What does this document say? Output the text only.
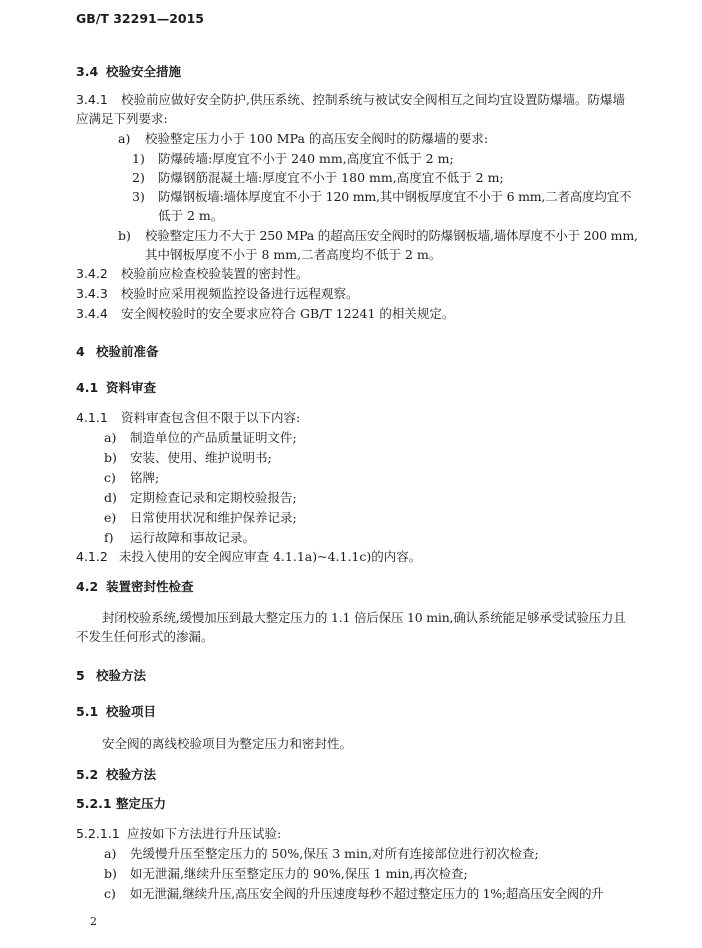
GB/T 32291—2015
3.4 校验安全措施
3.4.1 校验前应做好安全防护,供压系统、控制系统与被试安全阀相互之间均宜设置防爆墙。防爆墙
应满足下列要求:
a) 校验整定压力小于 100 MPa 的高压安全阀时的防爆墙的要求:
1) 防爆砖墙:厚度宜不小于 240 mm,高度宜不低于 2 m;
2) 防爆钢筋混凝土墙:厚度宜不小于 180 mm,高度宜不低于 2 m;
3) 防爆钢板墙:墙体厚度宜不小于 120 mm,其中钢板厚度宜不小于 6 mm,二者高度均宜不
低于 2 m。
b) 校验整定压力不大于 250 MPa 的超高压安全阀时的防爆钢板墙,墙体厚度不小于 200 mm,
其中钢板厚度不小于 8 mm,二者高度均不低于 2 m。
3.4.2 校验前应检查校验装置的密封性。
3.4.3 校验时应采用视频监控设备进行远程观察。
3.4.4 安全阀校验时的安全要求应符合 GB/T 12241 的相关规定。
4 校验前准备
4.1 资料审查
4.1.1 资料审查包含但不限于以下内容:
a) 制造单位的产品质量证明文件;
b) 安装、使用、维护说明书;
c) 铭牌;
d) 定期检查记录和定期校验报告;
e) 日常使用状况和维护保养记录;
f) 运行故障和事故记录。
4.1.2 未投入使用的安全阀应审查 4.1.1a)~4.1.1c)的内容。
4.2 装置密封性检查
封闭校验系统,缓慢加压到最大整定压力的 1.1 倍后保压 10 min,确认系统能足够承受试验压力且
不发生任何形式的渗漏。
5 校验方法
5.1 校验项目
安全阀的离线校验项目为整定压力和密封性。
5.2 校验方法
5.2.1 整定压力
5.2.1.1 应按如下方法进行升压试验:
a) 先缓慢升压至整定压力的 50%,保压 3 min,对所有连接部位进行初次检查;
b) 如无泄漏,继续升压至整定压力的 90%,保压 1 min,再次检查;
c) 如无泄漏,继续升压,高压安全阀的升压速度每秒不超过整定压力的 1%;超高压安全阀的升
2
